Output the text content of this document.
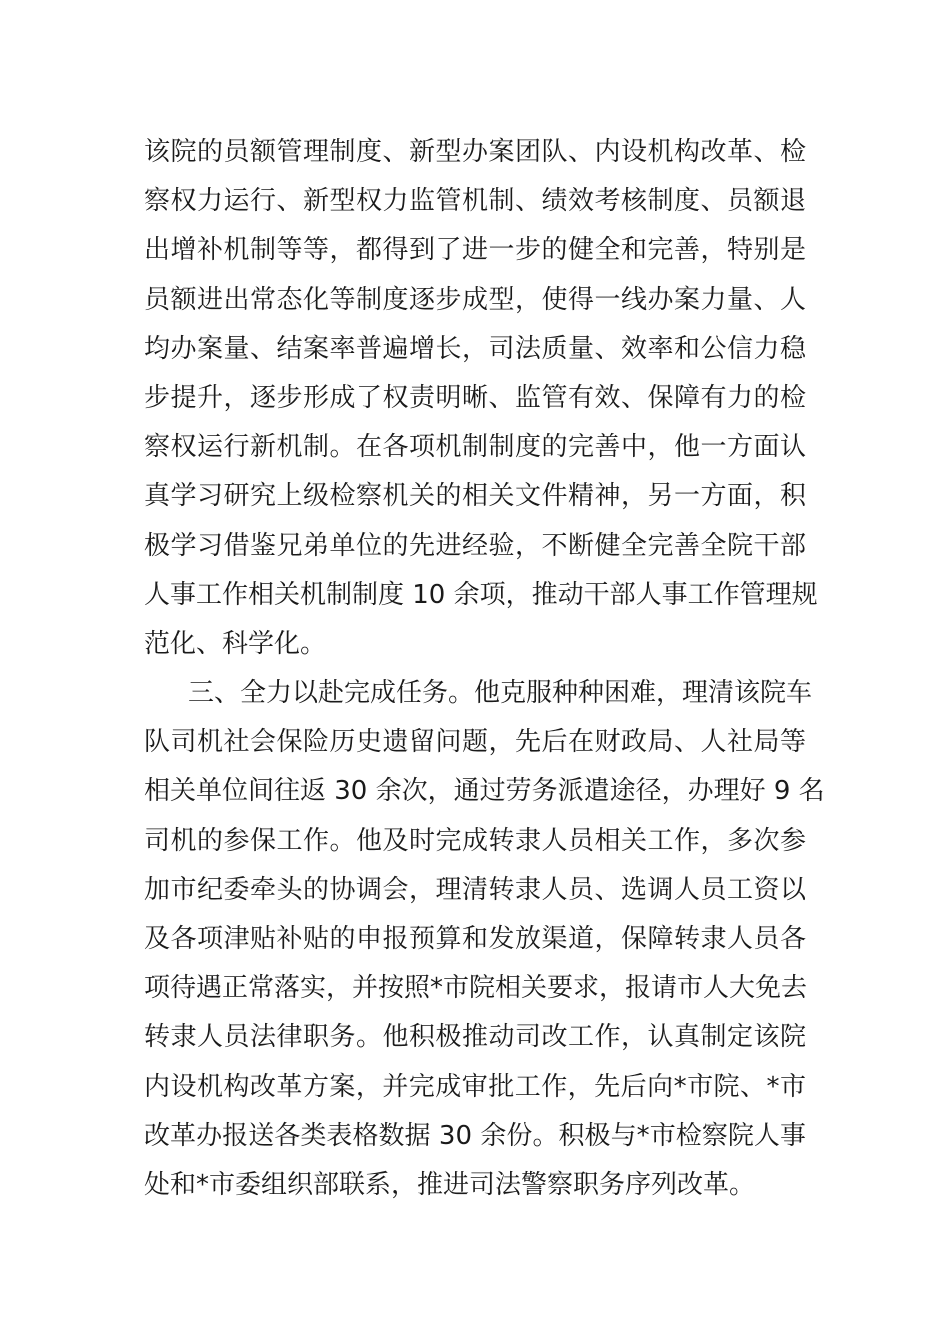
该院的员额管理制度、新型办案团队、内设机构改革、检
察权力运行、新型权力监管机制、绩效考核制度、员额退
出增补机制等等，都得到了进一步的健全和完善，特别是
员额进出常态化等制度逐步成型，使得一线办案力量、人
均办案量、结案率普遍增长，司法质量、效率和公信力稳
步提升，逐步形成了权责明晰、监管有效、保障有力的检
察权运行新机制。在各项机制制度的完善中，他一方面认
真学习研究上级检察机关的相关文件精神，另一方面，积
极学习借鉴兄弟单位的先进经验，不断健全完善全院干部
人事工作相关机制制度 10 余项，推动干部人事工作管理规
范化、科学化。
三、全力以赴完成任务。他克服种种困难，理清该院车
队司机社会保险历史遗留问题，先后在财政局、人社局等
相关单位间往返 30 余次，通过劳务派遣途径，办理好 9 名
司机的参保工作。他及时完成转隶人员相关工作，多次参
加市纪委牵头的协调会，理清转隶人员、选调人员工资以
及各项津贴补贴的申报预算和发放渠道，保障转隶人员各
项待遇正常落实，并按照*市院相关要求，报请市人大免去
转隶人员法律职务。他积极推动司改工作，认真制定该院
内设机构改革方案，并完成审批工作，先后向*市院、*市
改革办报送各类表格数据 30 余份。积极与*市检察院人事
处和*市委组织部联系，推进司法警察职务序列改革。
